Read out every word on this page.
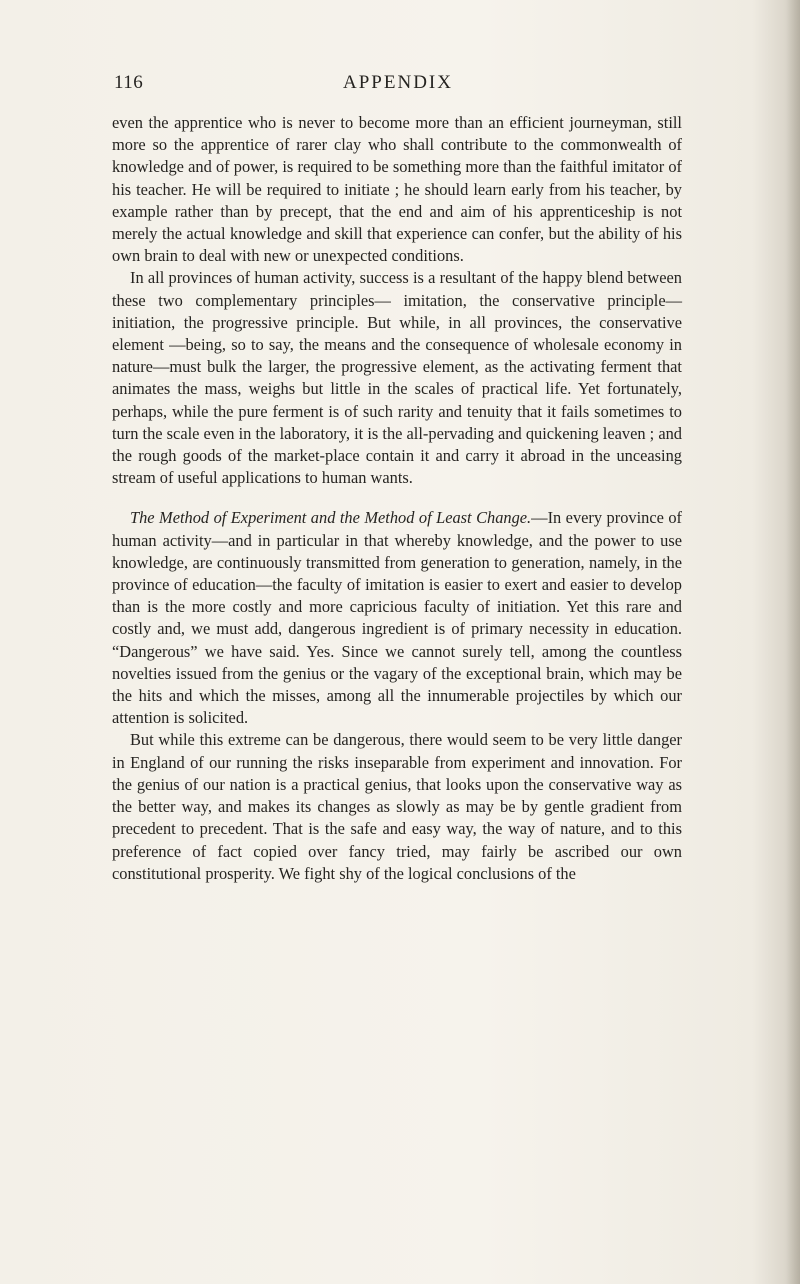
116	APPENDIX

even the apprentice who is never to become more than an efficient journeyman, still more so the apprentice of rarer clay who shall contribute to the commonwealth of knowledge and of power, is required to be something more than the faithful imitator of his teacher. He will be required to initiate ; he should learn early from his teacher, by example rather than by precept, that the end and aim of his apprenticeship is not merely the actual knowledge and skill that experience can confer, but the ability of his own brain to deal with new or unexpected conditions.

In all provinces of human activity, success is a resultant of the happy blend between these two complementary principles— imitation, the conservative principle—initiation, the progressive principle. But while, in all provinces, the conservative element —being, so to say, the means and the consequence of wholesale economy in nature—must bulk the larger, the progressive element, as the activating ferment that animates the mass, weighs but little in the scales of practical life. Yet fortunately, perhaps, while the pure ferment is of such rarity and tenuity that it fails sometimes to turn the scale even in the laboratory, it is the all-pervading and quickening leaven ; and the rough goods of the market-place contain it and carry it abroad in the unceasing stream of useful applications to human wants.

The Method of Experiment and the Method of Least Change.—In every province of human activity—and in particular in that whereby knowledge, and the power to use knowledge, are continuously transmitted from generation to generation, namely, in the province of education—the faculty of imitation is easier to exert and easier to develop than is the more costly and more capricious faculty of initiation. Yet this rare and costly and, we must add, dangerous ingredient is of primary necessity in education. “Dangerous” we have said. Yes. Since we cannot surely tell, among the countless novelties issued from the genius or the vagary of the exceptional brain, which may be the hits and which the misses, among all the innumerable projectiles by which our attention is solicited.

But while this extreme can be dangerous, there would seem to be very little danger in England of our running the risks inseparable from experiment and innovation. For the genius of our nation is a practical genius, that looks upon the conservative way as the better way, and makes its changes as slowly as may be by gentle gradient from precedent to precedent. That is the safe and easy way, the way of nature, and to this preference of fact copied over fancy tried, may fairly be ascribed our own constitutional prosperity. We fight shy of the logical conclusions of the
